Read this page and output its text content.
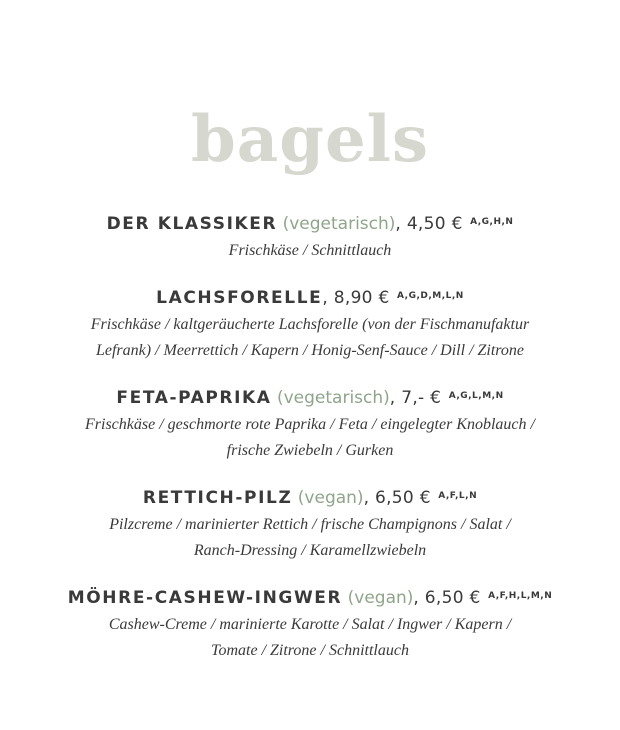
bagels
DER KLASSIKER (vegetarisch), 4,50 € $^{A,G,H,N}$
Frischkäse / Schnittlauch
LACHSFORELLE, 8,90 € $^{A,G,D,M,L,N}$
Frischkäse / kaltgeräucherte Lachsforelle (von der Fischmanufaktur
Lefrank) / Meerrettich / Kapern / Honig-Senf-Sauce / Dill / Zitrone
FETA-PAPRIKA (vegetarisch), 7,- € $^{A,G,L,M,N}$
Frischkäse / geschmorte rote Paprika / Feta / eingelegter Knoblauch /
frische Zwiebeln / Gurken
RETTICH-PILZ (vegan), 6,50 € $^{A,F,L,N}$
Pilzcreme / marinierter Rettich / frische Champignons / Salat /
Ranch-Dressing / Karamellzwiebeln
MÖHRE-CASHEW-INGWER (vegan), 6,50 € $^{A,F,H,L,M,N}$
Cashew-Creme / marinierte Karotte / Salat / Ingwer / Kapern /
Tomate / Zitrone / Schnittlauch
